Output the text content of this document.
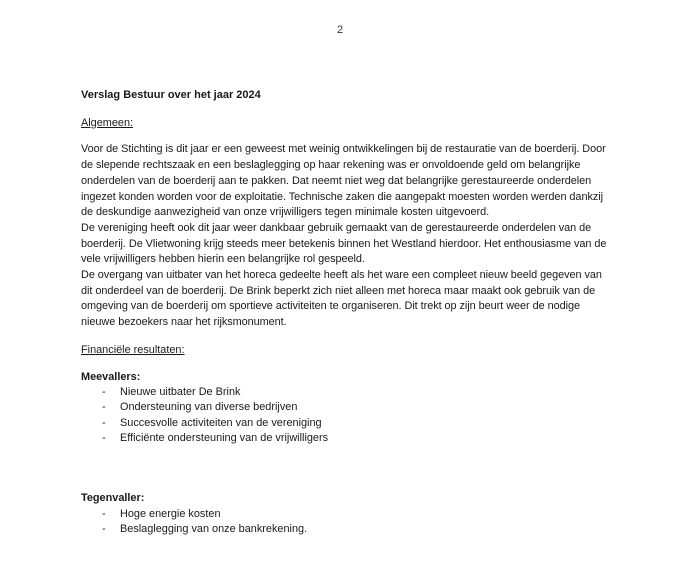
2
Verslag Bestuur over het jaar 2024
Algemeen:

Voor de Stichting is dit jaar er een geweest met weinig ontwikkelingen bij de restauratie van de boerderij. Door de slepende rechtszaak en een beslaglegging op haar rekening was er onvoldoende geld om belangrijke onderdelen van de boerderij aan te pakken. Dat neemt niet weg dat belangrijke gerestaureerde onderdelen ingezet konden worden voor de exploitatie. Technische zaken die aangepakt moesten worden werden dankzij de deskundige aanwezigheid van onze vrijwilligers tegen minimale kosten uitgevoerd.

De vereniging heeft ook dit jaar weer dankbaar gebruik gemaakt van de gerestaureerde onderdelen van de boerderij. De Vlietwoning krijg steeds meer betekenis binnen het Westland hierdoor. Het enthousiasme van de vele vrijwilligers hebben hierin een belangrijke rol gespeeld.

De overgang van uitbater van het horeca gedeelte heeft als het ware een compleet nieuw beeld gegeven van dit onderdeel van de boerderij. De Brink beperkt zich niet alleen met horeca maar maakt ook gebruik van de omgeving van de boerderij om sportieve activiteiten te organiseren. Dit trekt op zijn beurt weer de nodige nieuwe bezoekers naar het rijksmonument.

Financiële resultaten:
Meevallers:
- Nieuwe uitbater De Brink
- Ondersteuning van diverse bedrijven
- Succesvolle activiteiten van de vereniging
- Efficiënte ondersteuning van de vrijwilligers
Tegenvaller:
- Hoge energie kosten
- Beslaglegging van onze bankrekening.
